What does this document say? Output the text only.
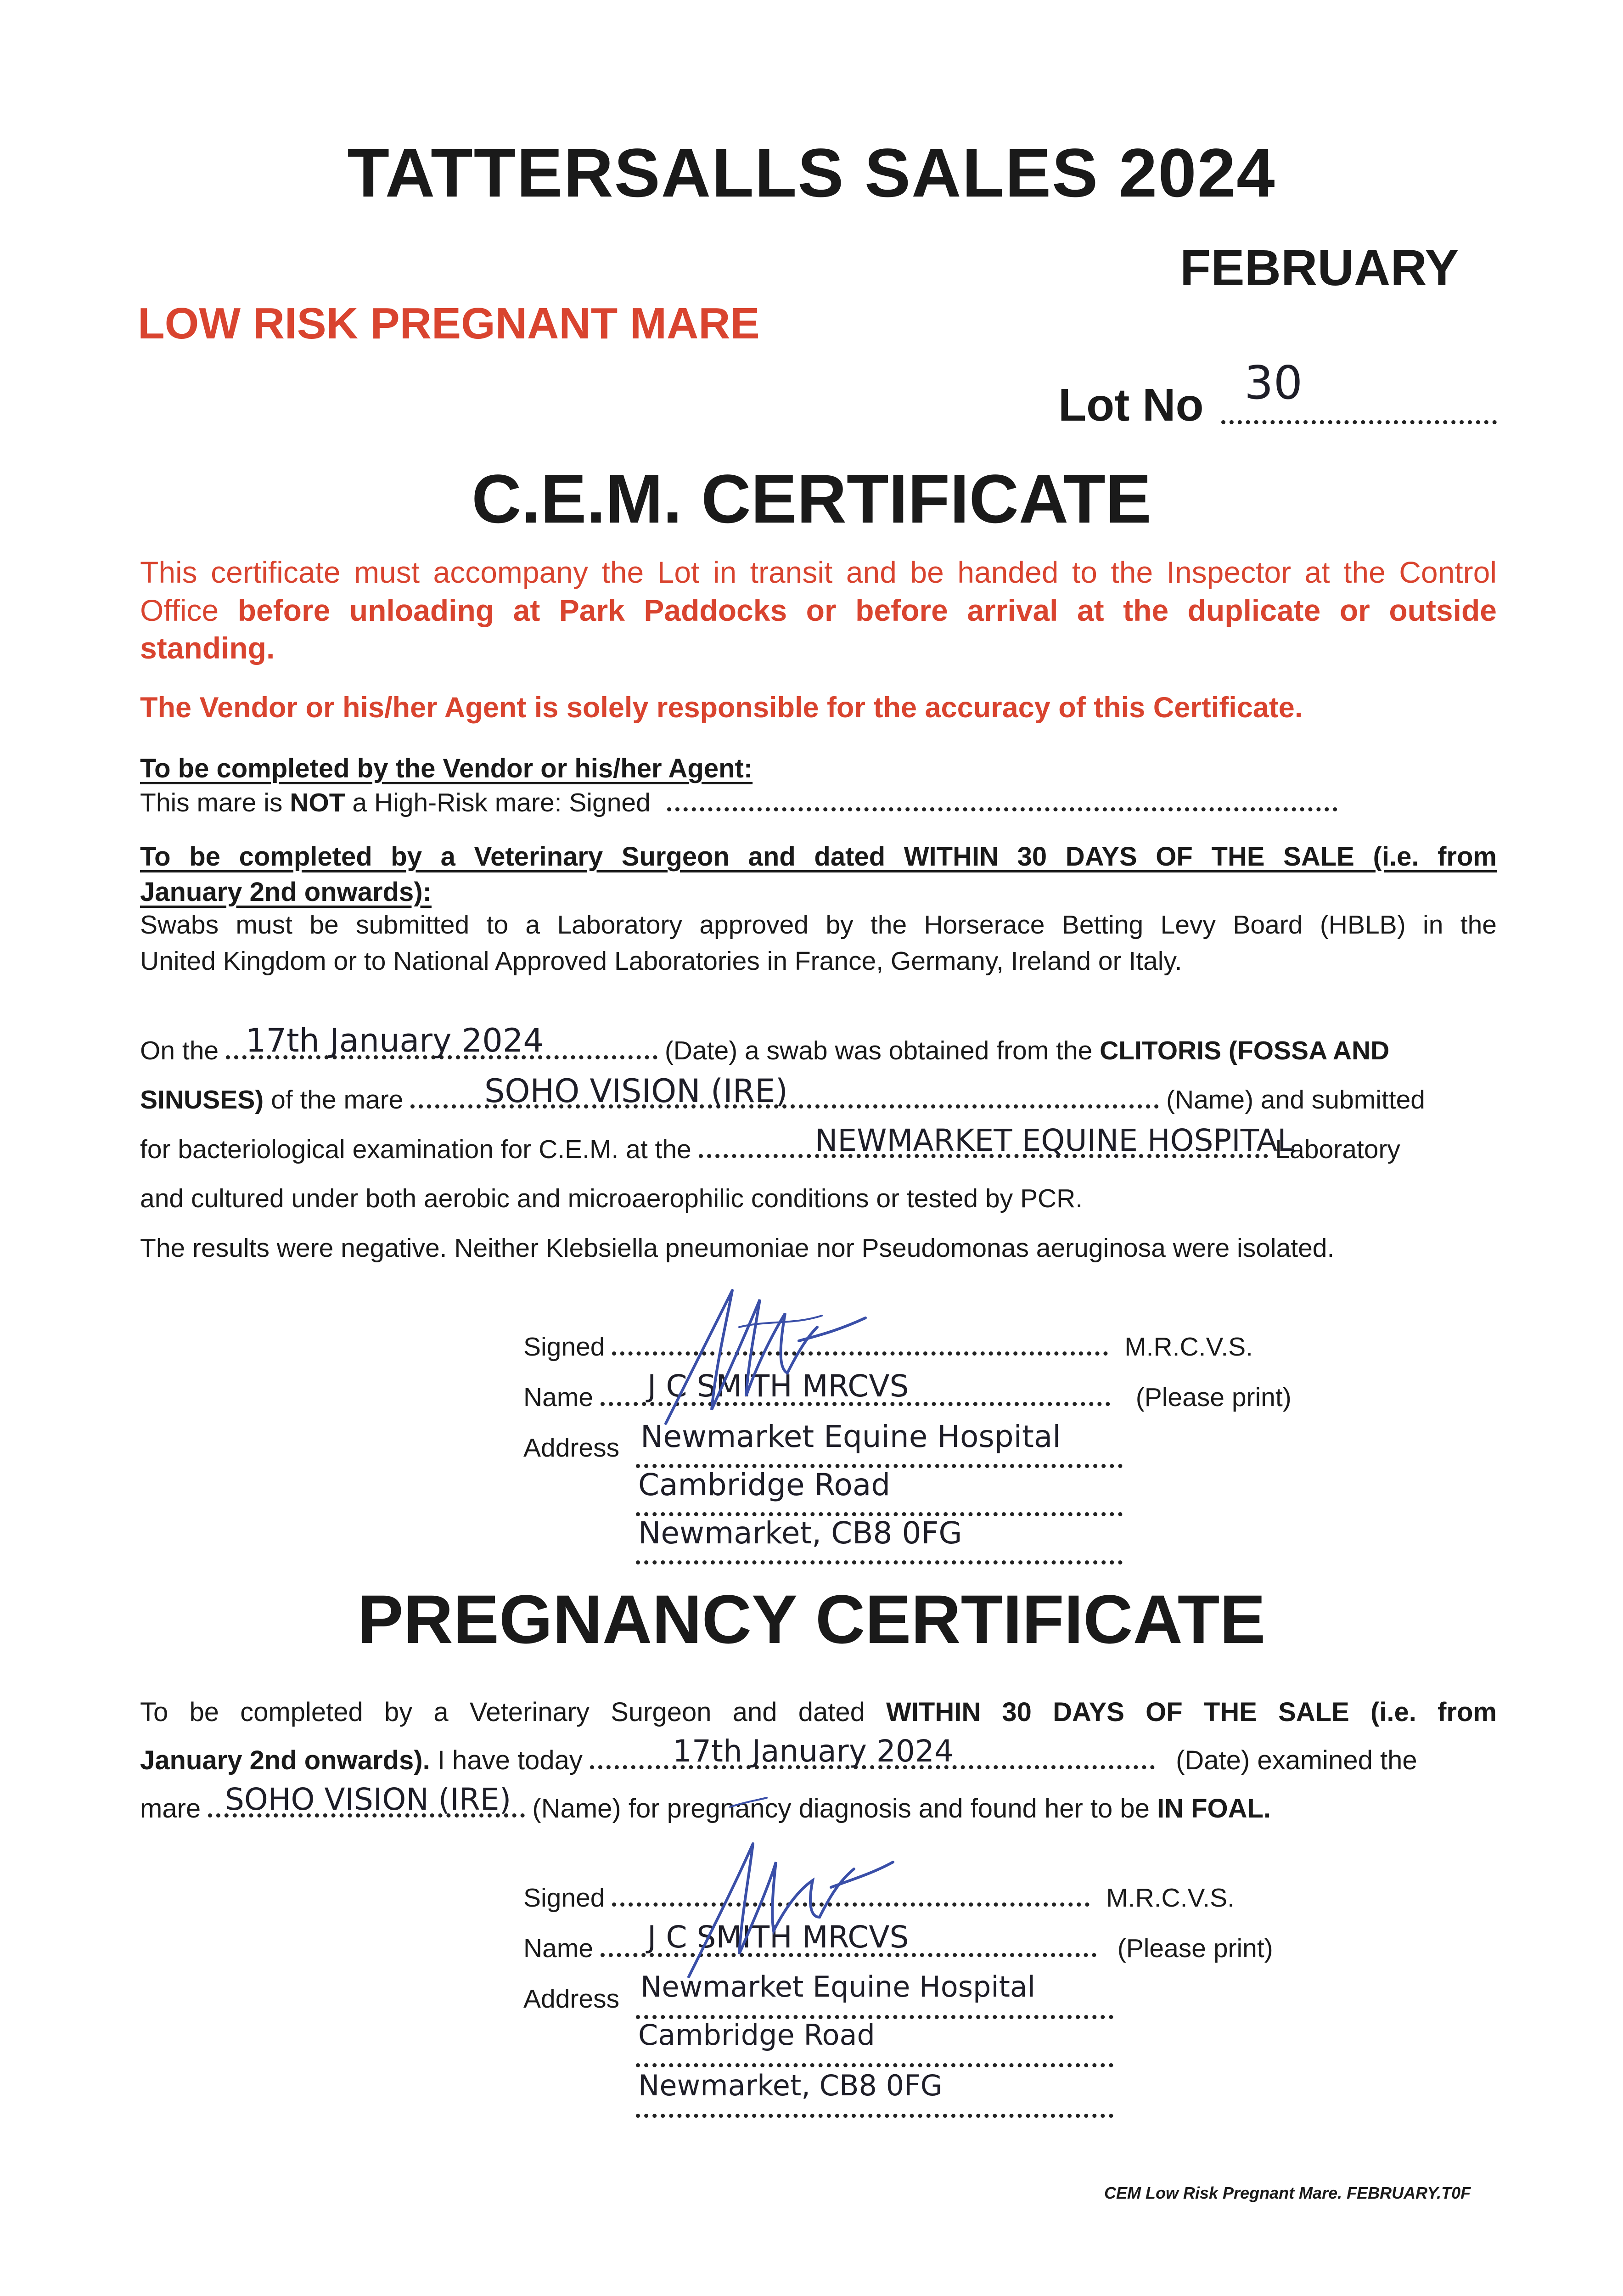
TATTERSALLS SALES 2024
FEBRUARY
LOW RISK PREGNANT MARE
Lot No 30
C.E.M. CERTIFICATE
This certificate must accompany the Lot in transit and be handed to the Inspector at the Control
Office before unloading at Park Paddocks or before arrival at the duplicate or outside
standing.
The Vendor or his/her Agent is solely responsible for the accuracy of this Certificate.
To be completed by the Vendor or his/her Agent:
This mare is NOT a High-Risk mare: Signed
To be completed by a Veterinary Surgeon and dated WITHIN 30 DAYS OF THE SALE (i.e. from
January 2nd onwards):
Swabs must be submitted to a Laboratory approved by the Horserace Betting Levy Board (HBLB) in the
United Kingdom or to National Approved Laboratories in France, Germany, Ireland or Italy.
On the	(Date) a swab was obtained from the CLITORIS (FOSSA AND
SINUSES) of the mare	(Name) and submitted
for bacteriological examination for C.E.M. at the	Laboratory
and cultured under both aerobic and microaerophilic conditions or tested by PCR.
The results were negative. Neither Klebsiella pneumoniae nor Pseudomonas aeruginosa were isolated.
17th January 2024
SOHO VISION (IRE)
NEWMARKET EQUINE HOSPITAL
Signed	M.R.C.V.S.
Name	(Please print)
Address
J C SMITH MRCVS
Newmarket Equine Hospital
Cambridge Road
Newmarket, CB8 0FG
PREGNANCY CERTIFICATE
To be completed by a Veterinary Surgeon and dated WITHIN 30 DAYS OF THE SALE (i.e. from
January 2nd onwards). I have today	(Date) examined the
mare	(Name) for pregnancy diagnosis and found her to be IN FOAL.
17th January 2024
SOHO VISION (IRE)
Signed	M.R.C.V.S.
Name	(Please print)
Address
J C SMITH MRCVS
Newmarket Equine Hospital
Cambridge Road
Newmarket, CB8 0FG
CEM Low Risk Pregnant Mare. FEBRUARY.T0F
